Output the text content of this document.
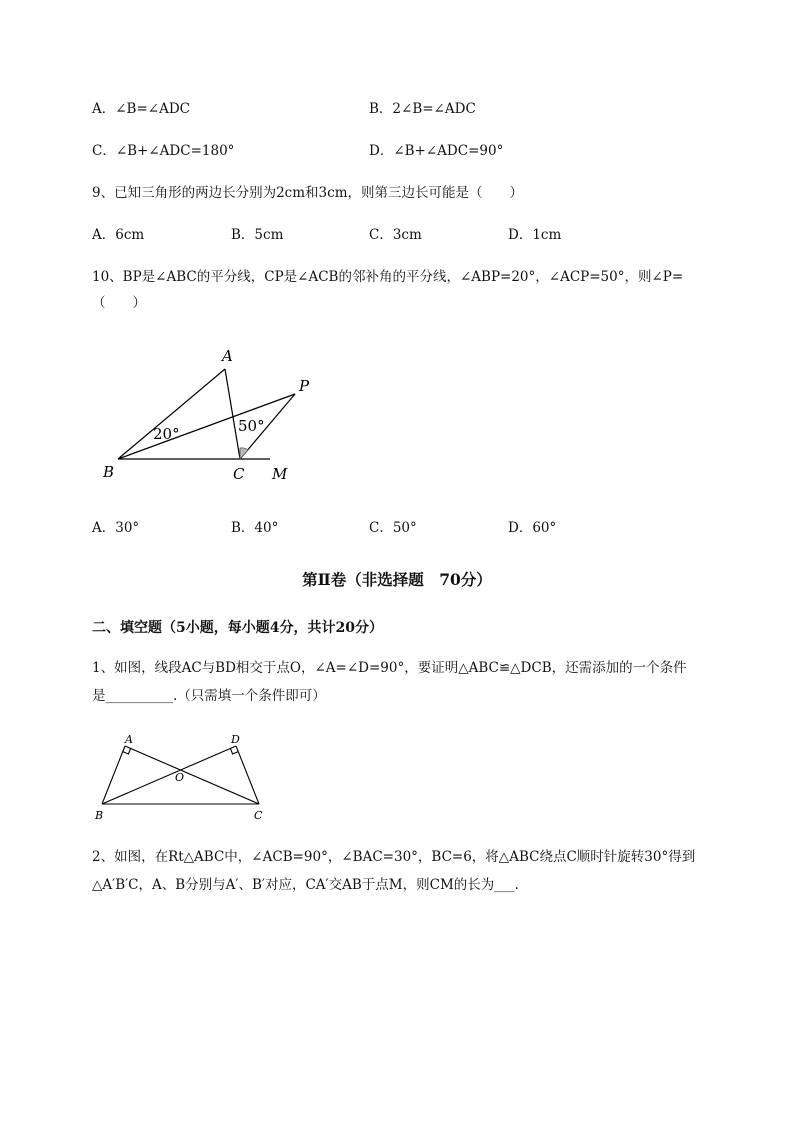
A．∠B=∠ADC	B．2∠B=∠ADC
C．∠B+∠ADC=180°	D．∠B+∠ADC=90°
9、已知三角形的两边长分别为2cm和3cm，则第三边长可能是（　　）
A．6cm	B．5cm	C．3cm	D．1cm
10、BP是∠ABC的平分线，CP是∠ACB的邻补角的平分线，∠ABP=20°，∠ACP=50°，则∠P=
（　　）
A
P
B	C M
20°	50°
A．30°	B．40°	C．50°	D．60°
第Ⅱ卷（非选择题　70分）
二、填空题（5小题，每小题4分，共计20分）
1、如图，线段AC与BD相交于点O，∠A=∠D=90°，要证明△ABC≌△DCB，还需添加的一个条件
是__________.（只需填一个条件即可）
A	D
O
B	C
2、如图，在Rt△ABC中，∠ACB=90°，∠BAC=30°，BC=6，将△ABC绕点C顺时针旋转30°得到
△A′B′C，A、B分别与A′、B′对应，CA′交AB于点M，则CM的长为___.
